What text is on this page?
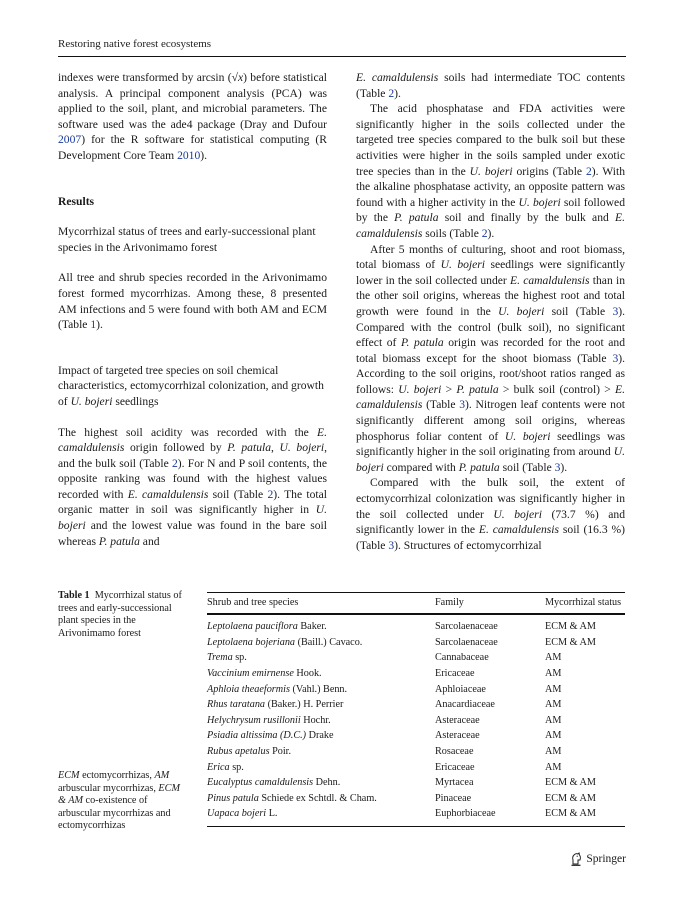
Restoring native forest ecosystems

indexes were transformed by arcsin (√x) before statistical analysis. A principal component analysis (PCA) was applied to the soil, plant, and microbial parameters. The software used was the ade4 package (Dray and Dufour 2007) for the R software for statistical computing (R Development Core Team 2010).

Results

Mycorrhizal status of trees and early-successional plant species in the Arivonimamo forest

All tree and shrub species recorded in the Arivonimamo forest formed mycorrhizas. Among these, 8 presented AM infections and 5 were found with both AM and ECM (Table 1).

Impact of targeted tree species on soil chemical characteristics, ectomycorrhizal colonization, and growth of U. bojeri seedlings

The highest soil acidity was recorded with the E. camaldulensis origin followed by P. patula, U. bojeri, and the bulk soil (Table 2). For N and P soil contents, the opposite ranking was found with the highest values recorded with E. camaldulensis soil (Table 2). The total organic matter in soil was significantly higher in U. bojeri and the lowest value was found in the bare soil whereas P. patula and

E. camaldulensis soils had intermediate TOC contents (Table 2).

The acid phosphatase and FDA activities were significantly higher in the soils collected under the targeted tree species compared to the bulk soil but these activities were higher in the soils sampled under exotic tree species than in the U. bojeri origins (Table 2). With the alkaline phosphatase activity, an opposite pattern was found with a higher activity in the U. bojeri soil followed by the P. patula soil and finally by the bulk and E. camaldulensis soils (Table 2).

After 5 months of culturing, shoot and root biomass, total biomass of U. bojeri seedlings were significantly lower in the soil collected under E. camaldulensis than in the other soil origins, whereas the highest root and total growth were found in the U. bojeri soil (Table 3). Compared with the control (bulk soil), no significant effect of P. patula origin was recorded for the root and total biomass except for the shoot biomass (Table 3). According to the soil origins, root/shoot ratios ranged as follows: U. bojeri > P. patula > bulk soil (control) > E. camaldulensis (Table 3). Nitrogen leaf contents were not significantly different among soil origins, whereas phosphorus foliar content of U. bojeri seedlings was significantly higher in the soil originating from around U. bojeri compared with P. patula soil (Table 3).

Compared with the bulk soil, the extent of ectomycorrhizal colonization was significantly higher in the soil collected under U. bojeri (73.7 %) and significantly lower in the E. camaldulensis soil (16.3 %) (Table 3). Structures of ectomycorrhizal

Table 1 Mycorrhizal status of trees and early-successional plant species in the Arivonimamo forest
Shrub and tree species	Family	Mycorrhizal status
Leptolaena pauciflora Baker.	Sarcolaenaceae	ECM & AM
Leptolaena bojeriana (Baill.) Cavaco.	Sarcolaenaceae	ECM & AM
Trema sp.	Cannabaceae	AM
Vaccinium emirnense Hook.	Ericaceae	AM
Aphloia theaeformis (Vahl.) Benn.	Aphloiaceae	AM
Rhus taratana (Baker.) H. Perrier	Anacardiaceae	AM
Helychrysum rusillonii Hochr.	Asteraceae	AM
Psiadia altissima (D.C.) Drake	Asteraceae	AM
Rubus apetalus Poir.	Rosaceae	AM
Erica sp.	Ericaceae	AM
Eucalyptus camaldulensis Dehn.	Myrtacea	ECM & AM
Pinus patula Schiede ex Schtdl. & Cham.	Pinaceae	ECM & AM
Uapaca bojeri L.	Euphorbiaceae	ECM & AM
ECM ectomycorrhizas, AM arbuscular mycorrhizas, ECM & AM co-existence of arbuscular mycorrhizas and ectomycorrhizas
Springer
